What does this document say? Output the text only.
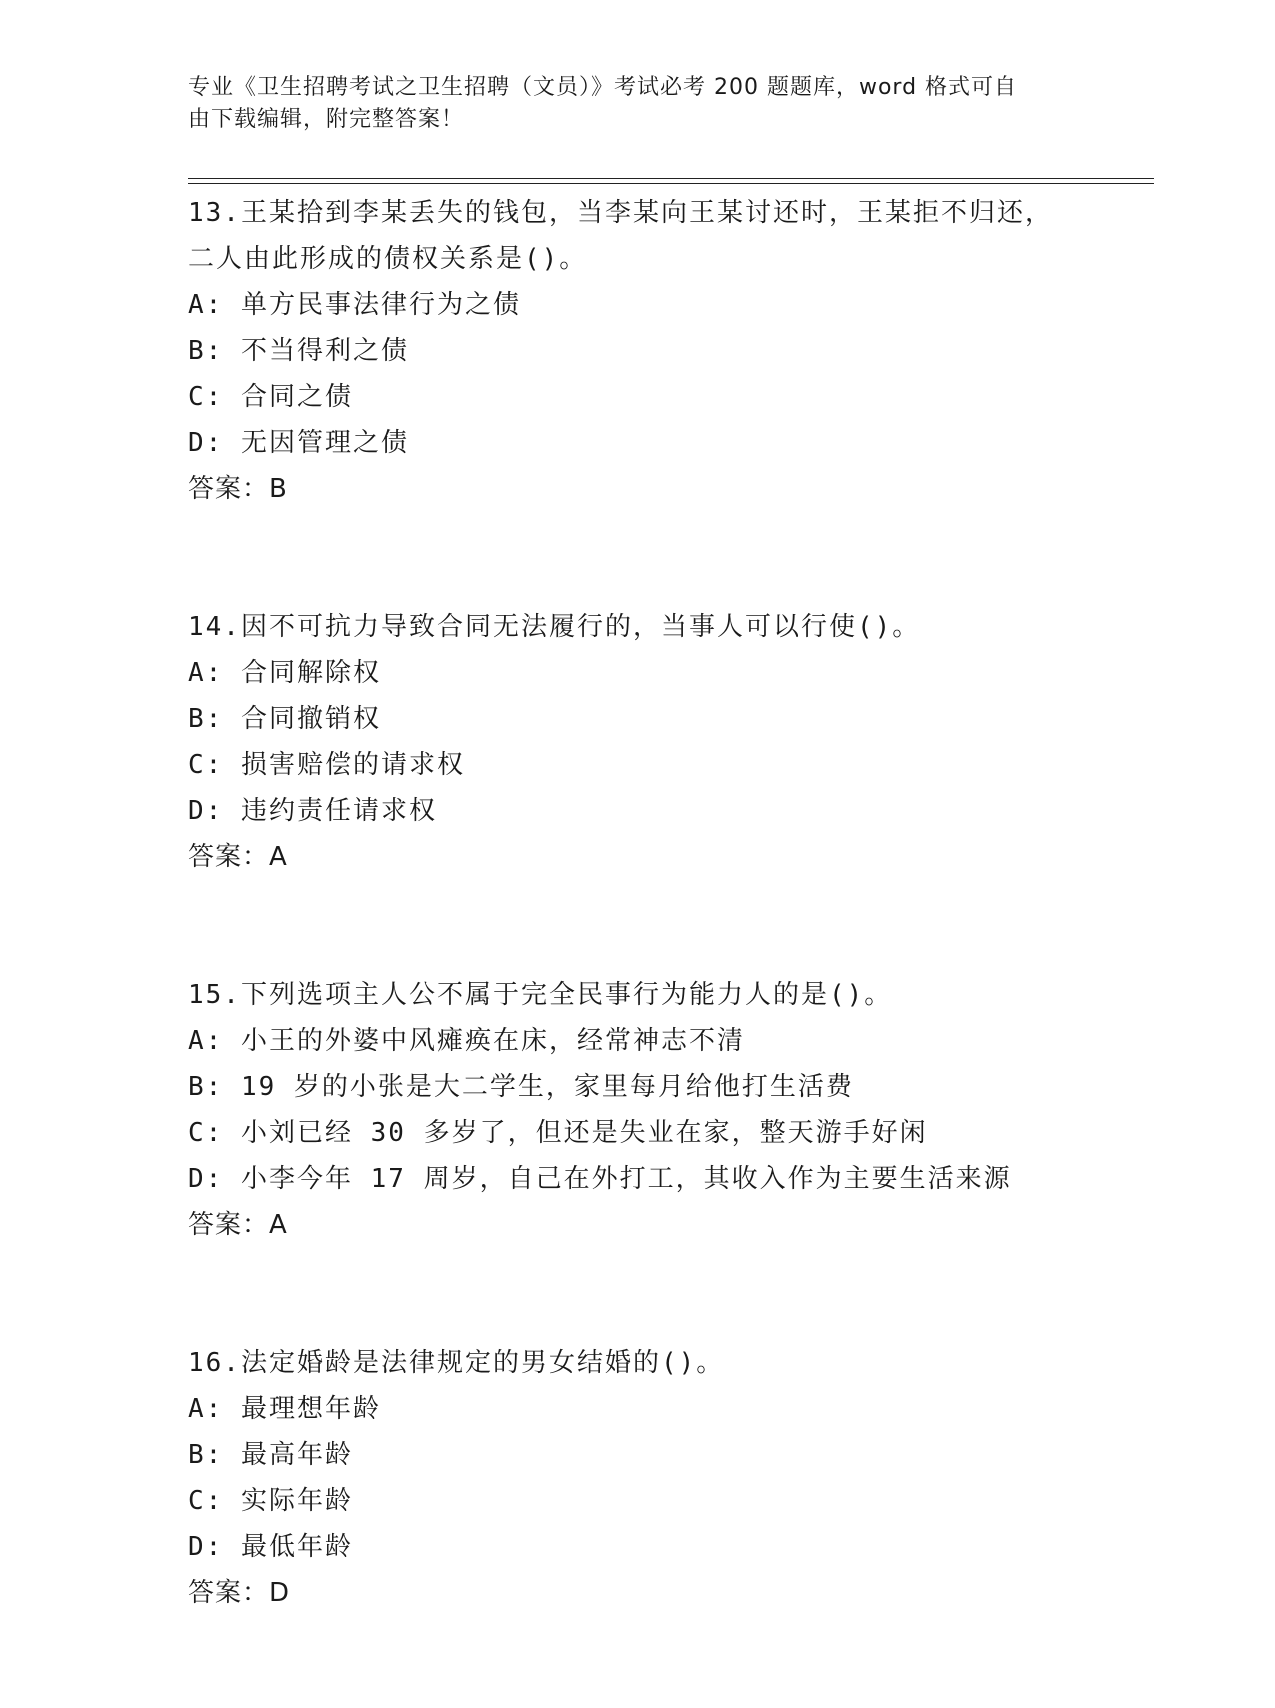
专业《卫生招聘考试之卫生招聘（文员）》考试必考 200 题题库，word 格式可自
由下载编辑，附完整答案！

13.王某拾到李某丢失的钱包，当李某向王某讨还时，王某拒不归还，

二人由此形成的债权关系是()。

A: 单方民事法律行为之债

B: 不当得利之债

C: 合同之债

D: 无因管理之债

答案：B

14.因不可抗力导致合同无法履行的，当事人可以行使()。

A: 合同解除权

B: 合同撤销权

C: 损害赔偿的请求权

D: 违约责任请求权

答案：A

15.下列选项主人公不属于完全民事行为能力人的是()。

A: 小王的外婆中风瘫痪在床，经常神志不清

B: 19 岁的小张是大二学生，家里每月给他打生活费

C: 小刘已经 30 多岁了，但还是失业在家，整天游手好闲

D: 小李今年 17 周岁，自己在外打工，其收入作为主要生活来源

答案：A

16.法定婚龄是法律规定的男女结婚的()。

A: 最理想年龄

B: 最高年龄

C: 实际年龄

D: 最低年龄

答案：D
